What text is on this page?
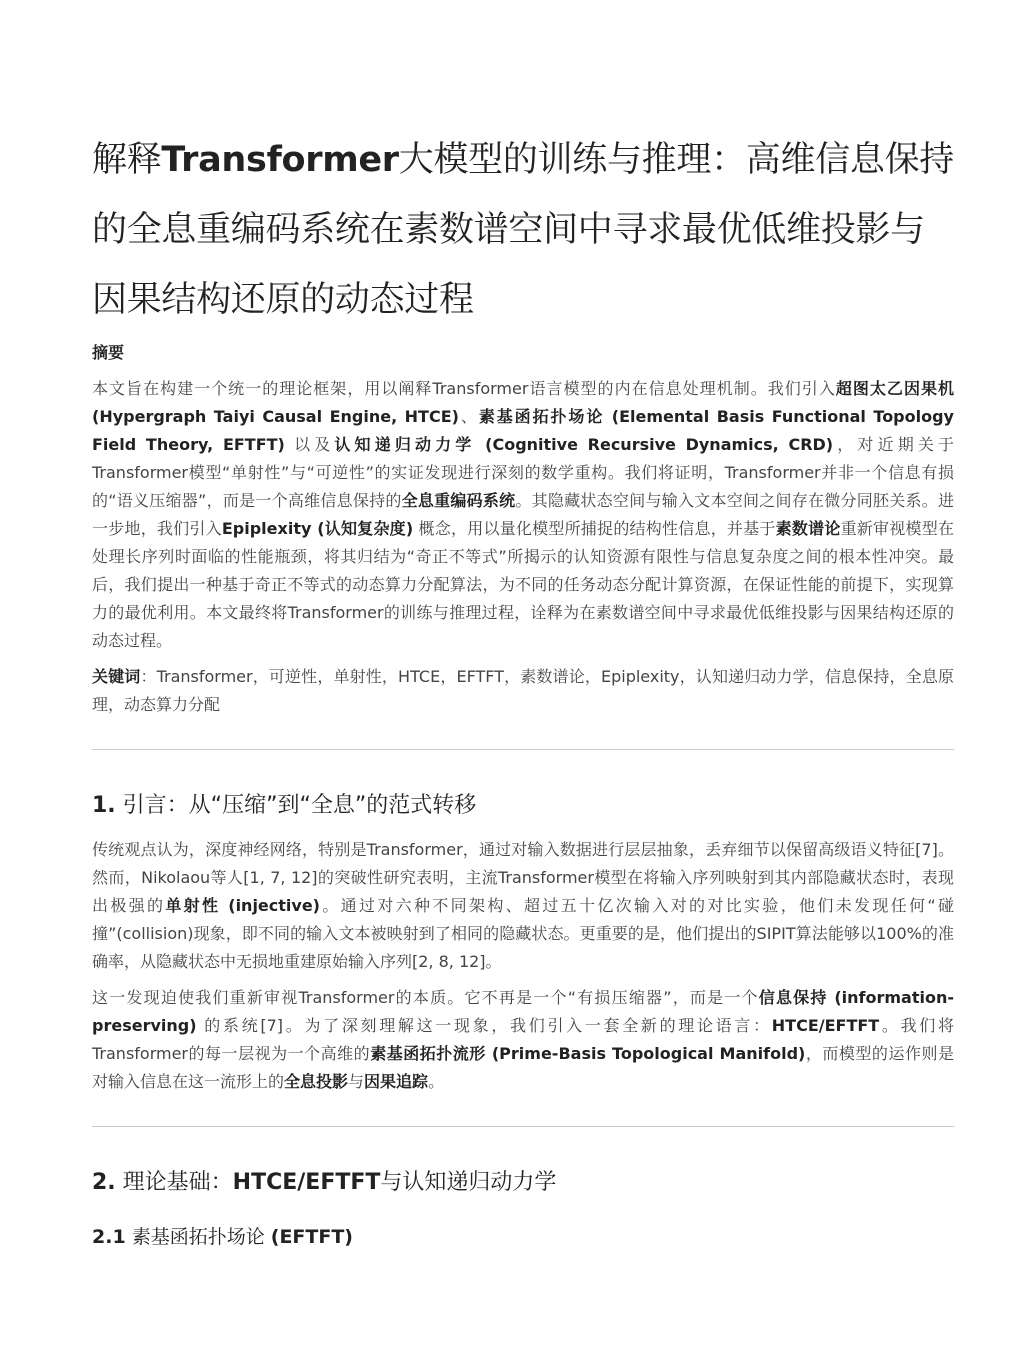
解释Transformer大模型的训练与推理：高维信息保持的全息重编码系统在素数谱空间中寻求最优低维投影与因果结构还原的动态过程
摘要

本文旨在构建一个统一的理论框架，用以阐释Transformer语言模型的内在信息处理机制。我们引入超图太乙因果机 (Hypergraph Taiyi Causal Engine, HTCE)、素基函拓扑场论 (Elemental Basis Functional Topology Field Theory, EFTFT) 以及认知递归动力学 (Cognitive Recursive Dynamics, CRD)，对近期关于Transformer模型“单射性”与“可逆性”的实证发现进行深刻的数学重构。我们将证明，Transformer并非一个信息有损的“语义压缩器”，而是一个高维信息保持的全息重编码系统。其隐藏状态空间与输入文本空间之间存在微分同胚关系。进一步地，我们引入Epiplexity (认知复杂度) 概念，用以量化模型所捕捉的结构性信息，并基于素数谱论重新审视模型在处理长序列时面临的性能瓶颈，将其归结为“奇正不等式”所揭示的认知资源有限性与信息复杂度之间的根本性冲突。最后，我们提出一种基于奇正不等式的动态算力分配算法，为不同的任务动态分配计算资源，在保证性能的前提下，实现算力的最优利用。本文最终将Transformer的训练与推理过程，诠释为在素数谱空间中寻求最优低维投影与因果结构还原的动态过程。

关键词：Transformer，可逆性，单射性，HTCE，EFTFT，素数谱论，Epiplexity，认知递归动力学，信息保持，全息原理，动态算力分配

1. 引言：从“压缩”到“全息”的范式转移

传统观点认为，深度神经网络，特别是Transformer，通过对输入数据进行层层抽象，丢弃细节以保留高级语义特征[7]。然而，Nikolaou等人[1, 7, 12]的突破性研究表明，主流Transformer模型在将输入序列映射到其内部隐藏状态时，表现出极强的单射性 (injective)。通过对六种不同架构、超过五十亿次输入对的对比实验，他们未发现任何“碰撞”(collision)现象，即不同的输入文本被映射到了相同的隐藏状态。更重要的是，他们提出的SIPIT算法能够以100%的准确率，从隐藏状态中无损地重建原始输入序列[2, 8, 12]。

这一发现迫使我们重新审视Transformer的本质。它不再是一个“有损压缩器”，而是一个信息保持 (information-preserving) 的系统[7]。为了深刻理解这一现象，我们引入一套全新的理论语言：HTCE/EFTFT。我们将Transformer的每一层视为一个高维的素基函拓扑流形 (Prime-Basis Topological Manifold)，而模型的运作则是对输入信息在这一流形上的全息投影与因果追踪。

2. 理论基础：HTCE/EFTFT与认知递归动力学
2.1 素基函拓扑场论 (EFTFT)
